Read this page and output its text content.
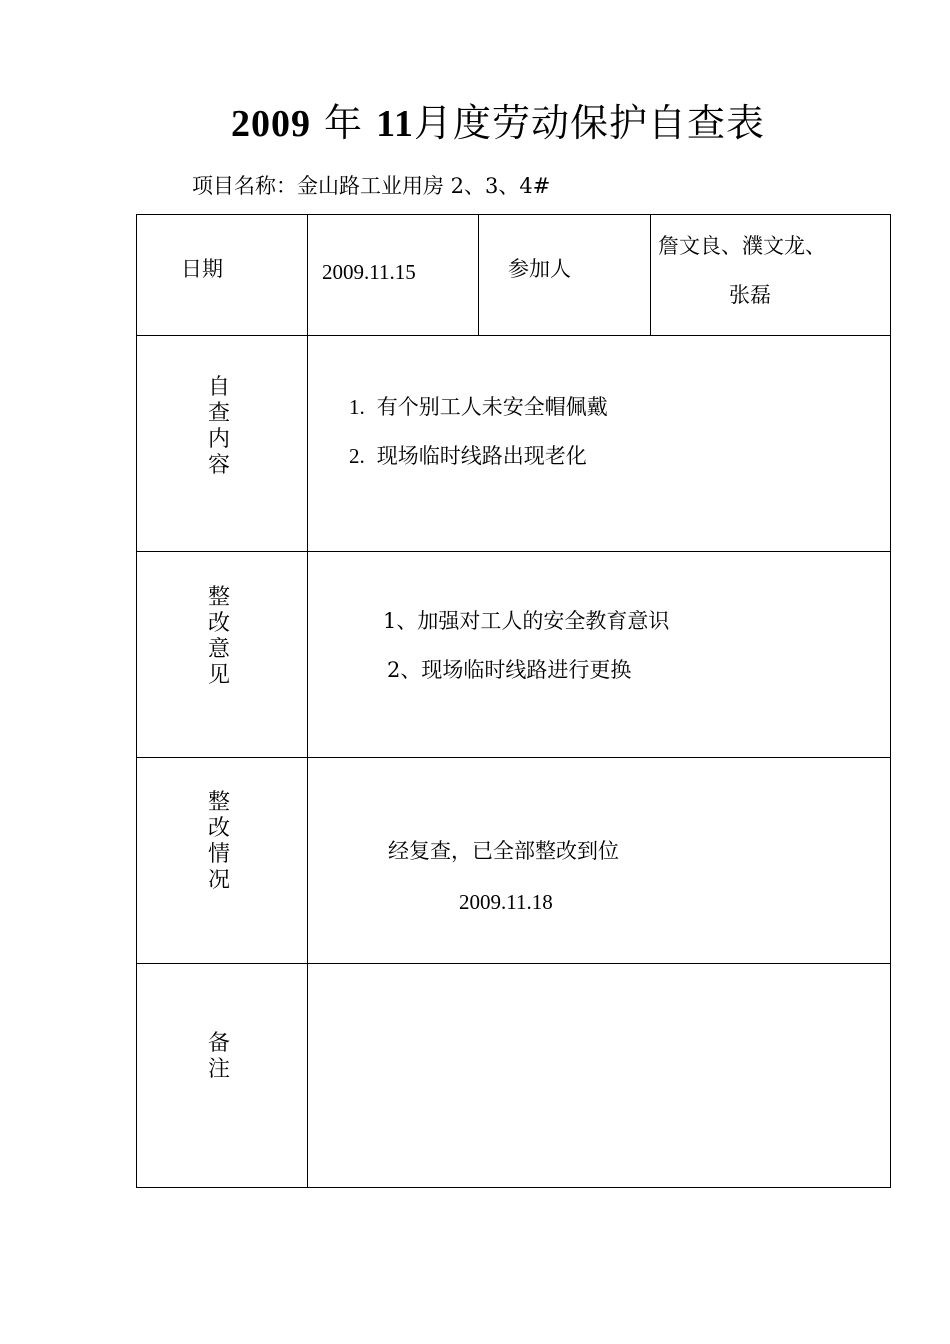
2009 年 11月度劳动保护自查表
项目名称：金山路工业用房 2、3、4#
日期	2009.11.15	参加人
詹文良、濮文龙、
张磊
自查内容
1. 有个别工人未安全帽佩戴
2. 现场临时线路出现老化
整改意见
1、加强对工人的安全教育意识
2、现场临时线路进行更换
整改情况
经复查，已全部整改到位
2009.11.18
备注
